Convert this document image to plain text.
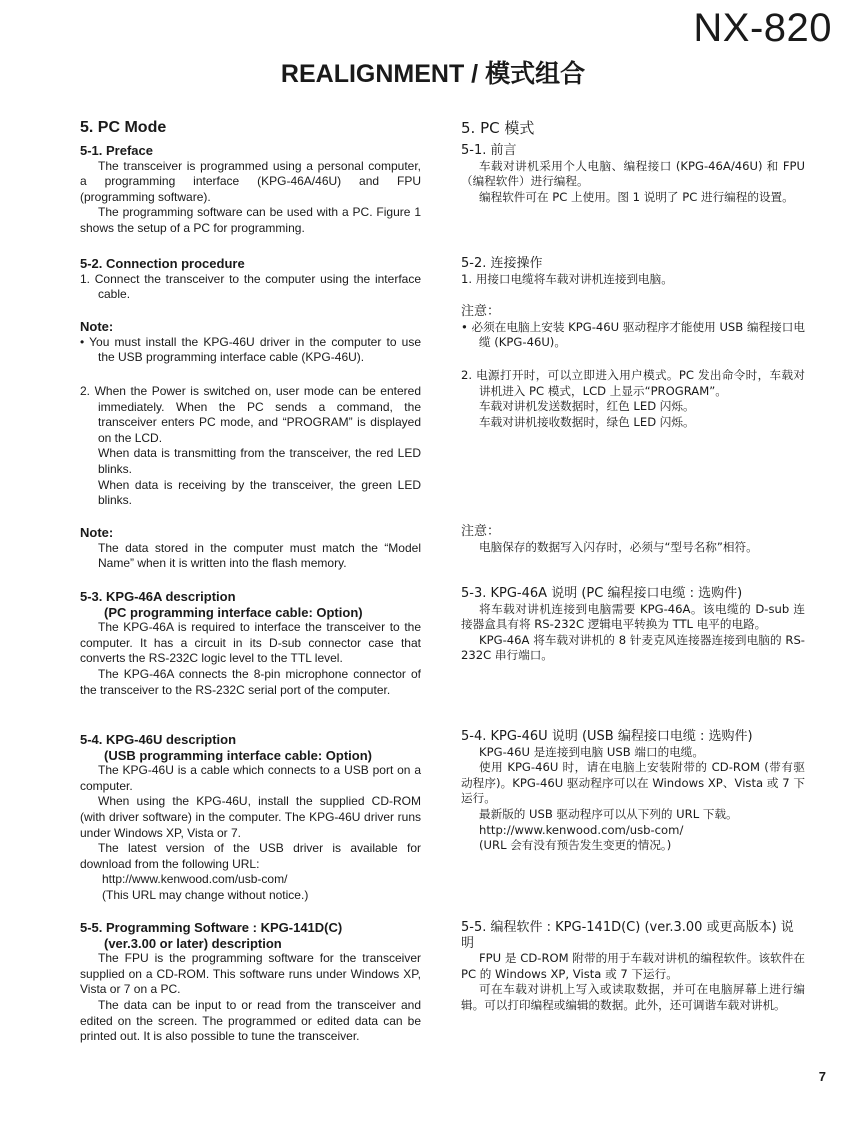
NX-820
REALIGNMENT / 模式组合

5. PC Mode

5-1. Preface

The transceiver is programmed using a personal computer, a programming interface (KPG-46A/46U) and FPU (programming software).

The programming software can be used with a PC. Figure 1 shows the setup of a PC for programming.

5-2. Connection procedure

1. Connect the transceiver to the computer using the interface cable.

Note:

• You must install the KPG-46U driver in the computer to use the USB programming interface cable (KPG-46U).

2. When the Power is switched on, user mode can be entered immediately. When the PC sends a command, the transceiver enters PC mode, and “PROGRAM” is displayed on the LCD.

When data is transmitting from the transceiver, the red LED blinks.

When data is receiving by the transceiver, the green LED blinks.

Note:

The data stored in the computer must match the “Model Name” when it is written into the flash memory.

5-3. KPG-46A description

(PC programming interface cable: Option)

The KPG-46A is required to interface the transceiver to the computer. It has a circuit in its D-sub connector case that converts the RS-232C logic level to the TTL level.

The KPG-46A connects the 8-pin microphone connector of the transceiver to the RS-232C serial port of the computer.

5-4. KPG-46U description

(USB programming interface cable: Option)

The KPG-46U is a cable which connects to a USB port on a computer.

When using the KPG-46U, install the supplied CD-ROM (with driver software) in the computer. The KPG-46U driver runs under Windows XP, Vista or 7.

The latest version of the USB driver is available for download from the following URL:

http://www.kenwood.com/usb-com/

(This URL may change without notice.)

5-5. Programming Software : KPG-141D(C)

(ver.3.00 or later) description

The FPU is the programming software for the transceiver supplied on a CD-ROM. This software runs under Windows XP, Vista or 7 on a PC.

The data can be input to or read from the transceiver and edited on the screen. The programmed or edited data can be printed out. It is also possible to tune the transceiver.

5. PC 模式

5-1. 前言

车载对讲机采用个人电脑、编程接口 (KPG-46A/46U) 和 FPU（编程软件）进行编程。

编程软件可在 PC 上使用。图 1 说明了 PC 进行编程的设置。

5-2. 连接操作

1. 用接口电缆将车载对讲机连接到电脑。

注意：

• 必须在电脑上安装 KPG-46U 驱动程序才能使用 USB 编程接口电缆 (KPG-46U)。

2. 电源打开时，可以立即进入用户模式。PC 发出命令时，车载对讲机进入 PC 模式，LCD 上显示“PROGRAM”。

车载对讲机发送数据时，红色 LED 闪烁。

车载对讲机接收数据时，绿色 LED 闪烁。

注意：

电脑保存的数据写入闪存时，必须与“型号名称”相符。

5-3. KPG-46A 说明 (PC 编程接口电缆 : 选购件)

将车载对讲机连接到电脑需要 KPG-46A。该电缆的 D-sub 连接器盒具有将 RS-232C 逻辑电平转换为 TTL 电平的电路。

KPG-46A 将车载对讲机的 8 针麦克风连接器连接到电脑的 RS-232C 串行端口。

5-4. KPG-46U 说明 (USB 编程接口电缆 : 选购件)

KPG-46U 是连接到电脑 USB 端口的电缆。

使用 KPG-46U 时，请在电脑上安装附带的 CD-ROM (带有驱动程序)。KPG-46U 驱动程序可以在 Windows XP、Vista 或 7 下运行。

最新版的 USB 驱动程序可以从下列的 URL 下载。

http://www.kenwood.com/usb-com/

(URL 会有没有预告发生变更的情况。)

5-5. 编程软件 : KPG-141D(C) (ver.3.00 或更高版本) 说明

FPU 是 CD-ROM 附带的用于车载对讲机的编程软件。该软件在 PC 的 Windows XP, Vista 或 7 下运行。

可在车载对讲机上写入或读取数据，并可在电脑屏幕上进行编辑。可以打印编程或编辑的数据。此外，还可调谐车载对讲机。

7
